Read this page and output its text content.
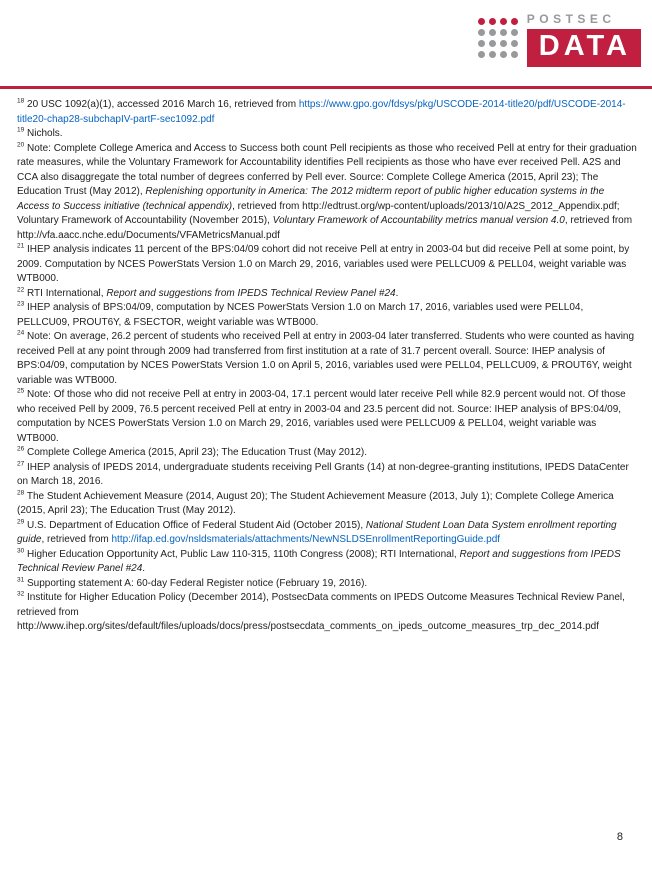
POSTSEC
DATA

$^{18}$ 20 USC 1092(a)(1), accessed 2016 March 16, retrieved from https://www.gpo.gov/fdsys/pkg/USCODE-2014-title20/pdf/USCODE-2014-title20-chap28-subchapIV-partF-sec1092.pdf

$^{19}$ Nichols.

$^{20}$ Note: Complete College America and Access to Success both count Pell recipients as those who received Pell at entry for their graduation rate measures, while the Voluntary Framework for Accountability identifies Pell recipients as those who have ever received Pell. A2S and CCA also disaggregate the total number of degrees conferred by Pell ever. Source: Complete College America (2015, April 23); The Education Trust (May 2012), Replenishing opportunity in America: The 2012 midterm report of public higher education systems in the Access to Success initiative (technical appendix), retrieved from http://edtrust.org/wp-content/uploads/2013/10/A2S_2012_Appendix.pdf; Voluntary Framework of Accountability (November 2015), Voluntary Framework of Accountability metrics manual version 4.0, retrieved from http://vfa.aacc.nche.edu/Documents/VFAMetricsManual.pdf

$^{21}$ IHEP analysis indicates 11 percent of the BPS:04/09 cohort did not receive Pell at entry in 2003-04 but did receive Pell at some point, by 2009. Computation by NCES PowerStats Version 1.0 on March 29, 2016, variables used were PELLCU09 & PELL04, weight variable was WTB000.

$^{22}$ RTI International, Report and suggestions from IPEDS Technical Review Panel #24.

$^{23}$ IHEP analysis of BPS:04/09, computation by NCES PowerStats Version 1.0 on March 17, 2016, variables used were PELL04, PELLCU09, PROUT6Y, & FSECTOR, weight variable was WTB000.

$^{24}$ Note: On average, 26.2 percent of students who received Pell at entry in 2003-04 later transferred. Students who were counted as having received Pell at any point through 2009 had transferred from first institution at a rate of 31.7 percent overall. Source: IHEP analysis of BPS:04/09, computation by NCES PowerStats Version 1.0 on April 5, 2016, variables used were PELL04, PELLCU09, & PROUT6Y, weight variable was WTB000.

$^{25}$ Note: Of those who did not receive Pell at entry in 2003-04, 17.1 percent would later receive Pell while 82.9 percent would not. Of those who received Pell by 2009, 76.5 percent received Pell at entry in 2003-04 and 23.5 percent did not. Source: IHEP analysis of BPS:04/09, computation by NCES PowerStats Version 1.0 on March 29, 2016, variables used were PELLCU09 & PELL04, weight variable was WTB000.

$^{26}$ Complete College America (2015, April 23); The Education Trust (May 2012).

$^{27}$ IHEP analysis of IPEDS 2014, undergraduate students receiving Pell Grants (14) at non-degree-granting institutions, IPEDS DataCenter on March 18, 2016.

$^{28}$ The Student Achievement Measure (2014, August 20); The Student Achievement Measure (2013, July 1); Complete College America (2015, April 23); The Education Trust (May 2012).

$^{29}$ U.S. Department of Education Office of Federal Student Aid (October 2015), National Student Loan Data System enrollment reporting guide, retrieved from http://ifap.ed.gov/nsldsmaterials/attachments/NewNSLDSEnrollmentReportingGuide.pdf

$^{30}$ Higher Education Opportunity Act, Public Law 110-315, 110th Congress (2008); RTI International, Report and suggestions from IPEDS Technical Review Panel #24.

$^{31}$ Supporting statement A: 60-day Federal Register notice (February 19, 2016).

$^{32}$ Institute for Higher Education Policy (December 2014), PostsecData comments on IPEDS Outcome Measures Technical Review Panel, retrieved from http://www.ihep.org/sites/default/files/uploads/docs/press/postsecdata_comments_on_ipeds_outcome_measures_trp_dec_2014.pdf

8
